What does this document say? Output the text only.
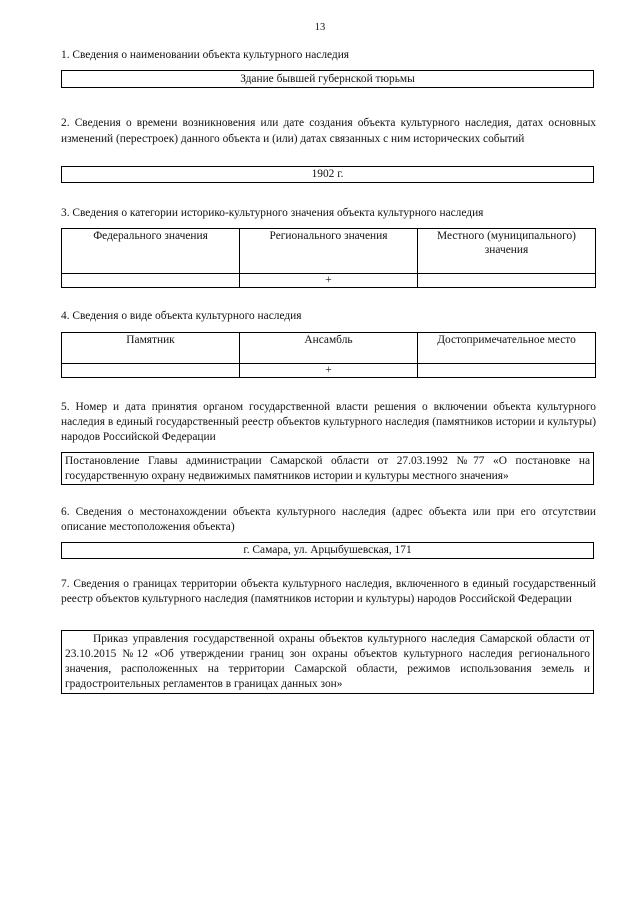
13
1. Сведения о наименовании объекта культурного наследия
Здание бывшей губернской тюрьмы
2. Сведения о времени возникновения или дате создания объекта культурного наследия, датах основных изменений (перестроек) данного объекта и (или) датах связанных с ним исторических событий
1902 г.
3. Сведения о категории историко-культурного значения объекта культурного наследия
Федерального значения	Регионального значения	Местного (муниципального) значения
	+	
4. Сведения о виде объекта культурного наследия
Памятник	Ансамбль	Достопримечательное место
	+	
5. Номер и дата принятия органом государственной власти решения о включении объекта культурного наследия в единый государственный реестр объектов культурного наследия (памятников истории и культуры) народов Российской Федерации
Постановление Главы администрации Самарской области от 27.03.1992 №77 «О постановке на государственную охрану недвижимых памятников истории и культуры местного значения»
6. Сведения о местонахождении объекта культурного наследия (адрес объекта или при его отсутствии описание местоположения объекта)
г. Самара, ул. Арцыбушевская, 171
7. Сведения о границах территории объекта культурного наследия, включенного в единый государственный реестр объектов культурного наследия (памятников истории и культуры) народов Российской Федерации
Приказ управления государственной охраны объектов культурного наследия Самарской области от 23.10.2015 №12 «Об утверждении границ зон охраны объектов культурного наследия регионального значения, расположенных на территории Самарской области, режимов использования земель и градостроительных регламентов в границах данных зон»
